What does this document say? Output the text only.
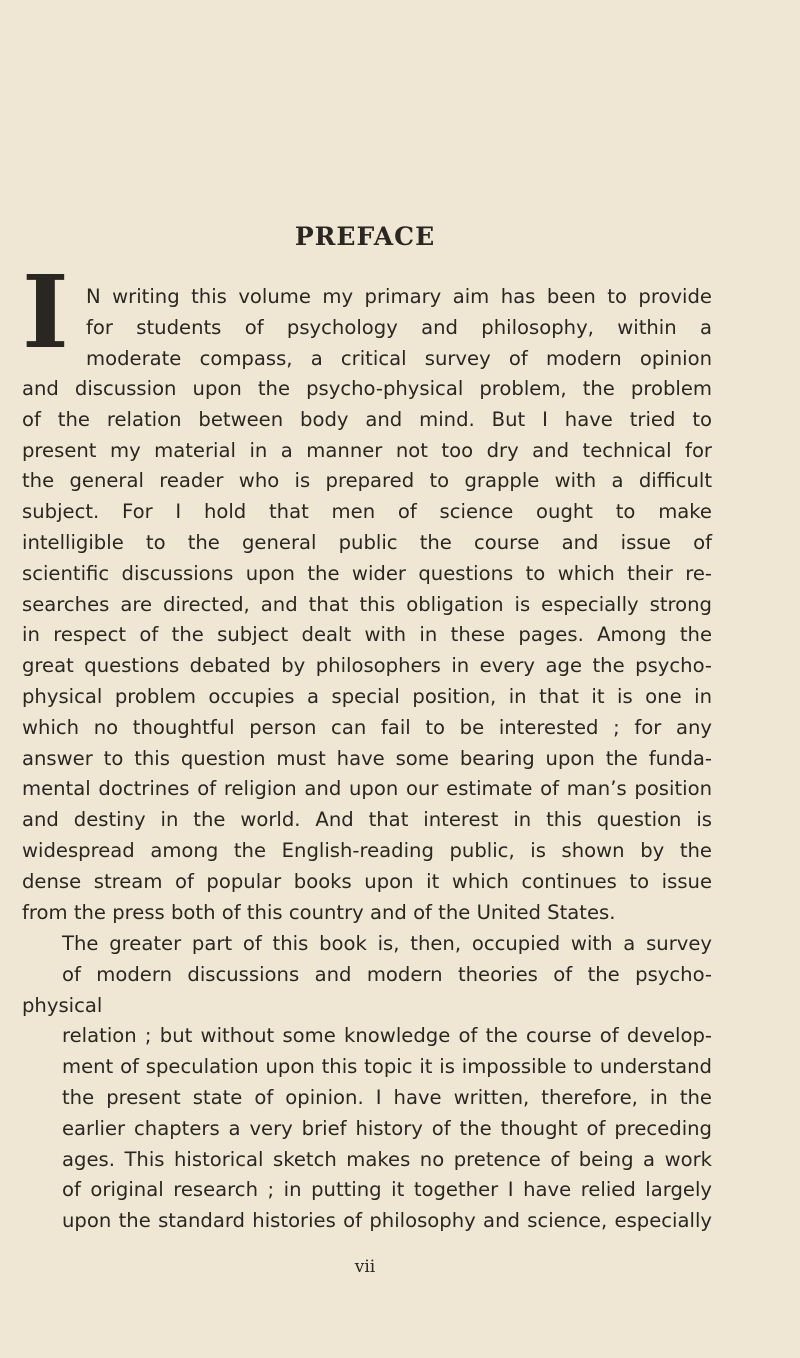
PREFACE
I N writing this volume my primary aim has been to provide
for students of psychology and philosophy, within a
moderate compass, a critical survey of modern opinion
and discussion upon the psycho-physical problem, the problem
of the relation between body and mind. But I have tried to
present my material in a manner not too dry and technical for
the general reader who is prepared to grapple with a difficult
subject. For I hold that men of science ought to make
intelligible to the general public the course and issue of
scientific discussions upon the wider questions to which their re-
searches are directed, and that this obligation is especially strong
in respect of the subject dealt with in these pages. Among the
great questions debated by philosophers in every age the psycho-
physical problem occupies a special position, in that it is one in
which no thoughtful person can fail to be interested ; for any
answer to this question must have some bearing upon the funda-
mental doctrines of religion and upon our estimate of man’s position
and destiny in the world. And that interest in this question is
widespread among the English-reading public, is shown by the
dense stream of popular books upon it which continues to issue
from the press both of this country and of the United States.
The greater part of this book is, then, occupied with a survey
of modern discussions and modern theories of the psycho-physical
relation ; but without some knowledge of the course of develop-
ment of speculation upon this topic it is impossible to understand
the present state of opinion. I have written, therefore, in the
earlier chapters a very brief history of the thought of preceding
ages. This historical sketch makes no pretence of being a work
of original research ; in putting it together I have relied largely
upon the standard histories of philosophy and science, especially
vii
